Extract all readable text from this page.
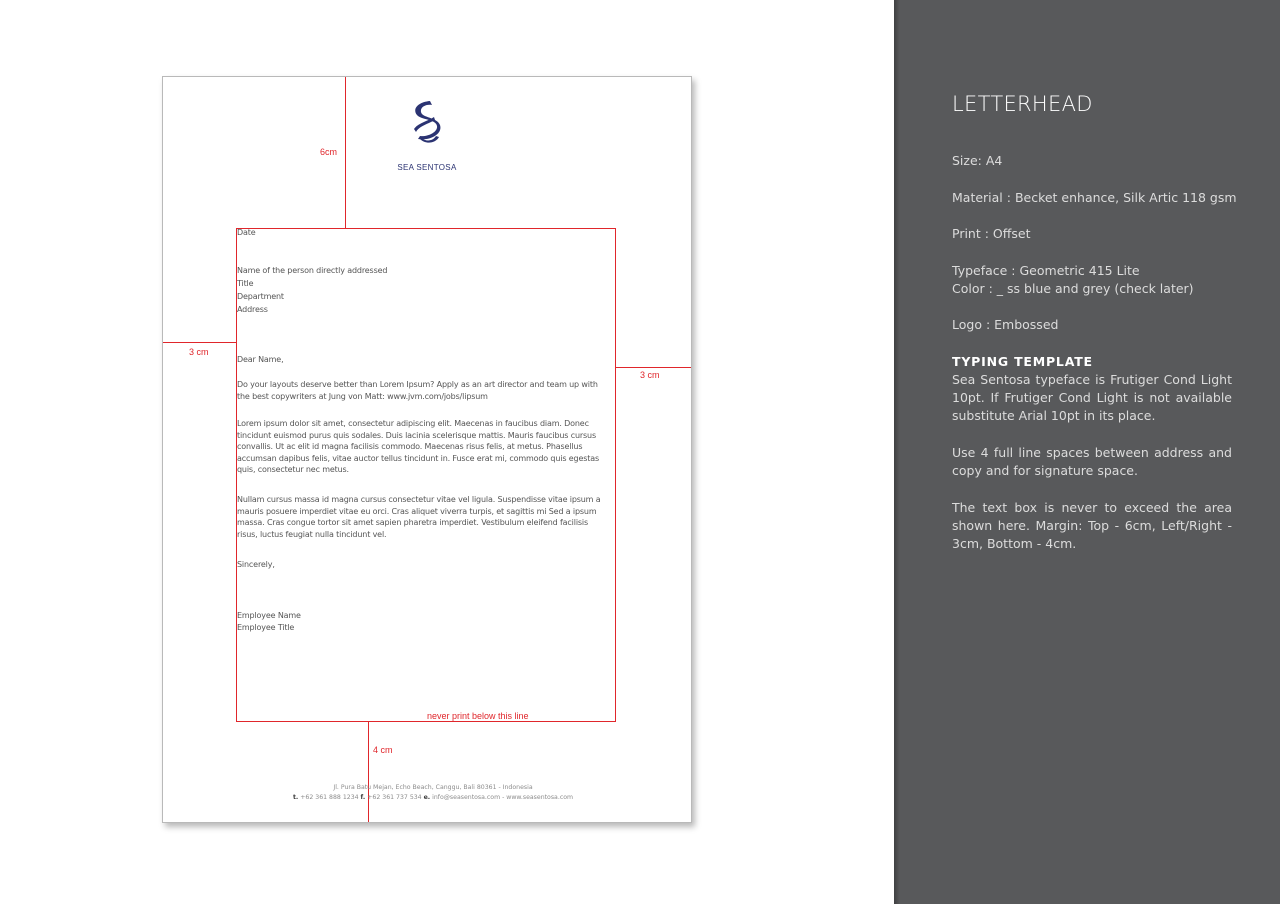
6cm
3 cm
3 cm
4 cm
SEA SENTOSA
Date
Name of the person directly addressed
Title
Department
Address
Dear Name,
Do your layouts deserve better than Lorem Ipsum? Apply as an art director and team up with the best copywriters at Jung von Matt: www.jvm.com/jobs/lipsum
Lorem ipsum dolor sit amet, consectetur adipiscing elit. Maecenas in faucibus diam. Donec tincidunt euismod purus quis sodales. Duis lacinia scelerisque mattis. Mauris faucibus cursus convallis. Ut ac elit id magna facilisis commodo. Maecenas risus felis, at metus. Phasellus accumsan dapibus felis, vitae auctor tellus tincidunt in. Fusce erat mi, commodo quis egestas quis, consectetur nec metus.
Nullam cursus massa id magna cursus consectetur vitae vel ligula. Suspendisse vitae ipsum a mauris posuere imperdiet vitae eu orci. Cras aliquet viverra turpis, et sagittis mi Sed a ipsum massa. Cras congue tortor sit amet sapien pharetra imperdiet. Vestibulum eleifend facilisis risus, luctus feugiat nulla tincidunt vel.
Sincerely,
Employee Name
Employee Title
never print below this line
Jl. Pura Batu Mejan, Echo Beach, Canggu, Bali 80361 - Indonesia
t. +62 361 888 1234 f. +62 361 737 534 e. info@seasentosa.com - www.seasentosa.com
LETTERHEAD
Size: A4
Material : Becket enhance, Silk Artic 118 gsm
Print : Offset
Typeface : Geometric 415 Lite
Color : _ ss blue and grey (check later)
Logo : Embossed
TYPING TEMPLATE
Sea Sentosa typeface is Frutiger Cond Light 10pt. If Frutiger Cond Light is not available substitute Arial 10pt in its place.
Use 4 full line spaces between address and copy and for signature space.
The text box is never to exceed the area shown here. Margin: Top - 6cm, Left/Right - 3cm, Bottom - 4cm.
